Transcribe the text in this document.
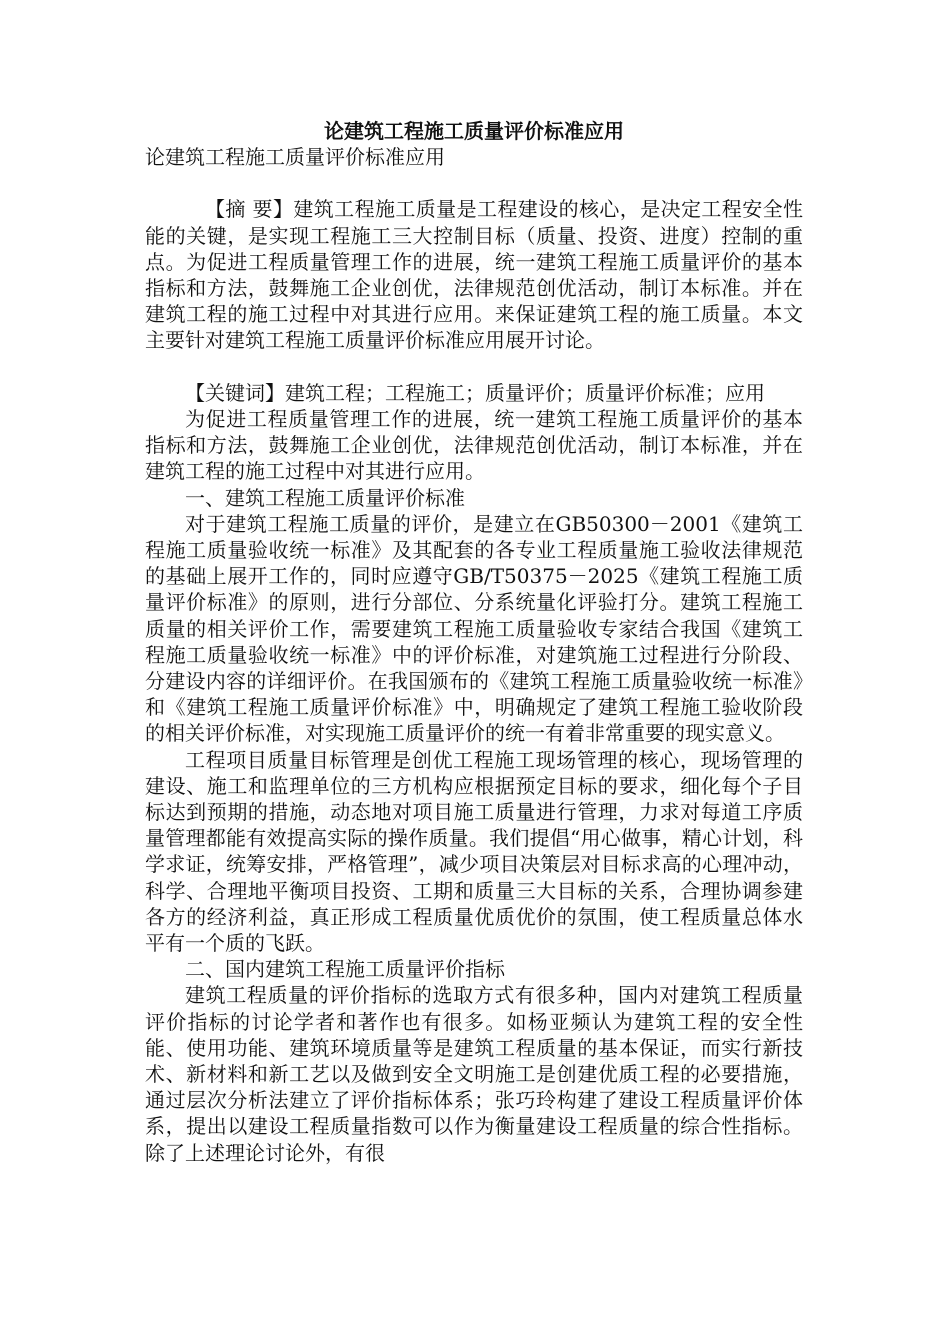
论建筑工程施工质量评价标准应用

论建筑工程施工质量评价标准应用

【摘 要】建筑工程施工质量是工程建设的核心，是决定工程安全性能的关键，是实现工程施工三大控制目标（质量、投资、进度）控制的重点。为促进工程质量管理工作的进展，统一建筑工程施工质量评价的基本指标和方法，鼓舞施工企业创优，法律规范创优活动，制订本标准。并在建筑工程的施工过程中对其进行应用。来保证建筑工程的施工质量。本文主要针对建筑工程施工质量评价标准应用展开讨论。

【关键词】建筑工程；工程施工；质量评价；质量评价标准；应用

为促进工程质量管理工作的进展，统一建筑工程施工质量评价的基本指标和方法，鼓舞施工企业创优，法律规范创优活动，制订本标准，并在建筑工程的施工过程中对其进行应用。

一、建筑工程施工质量评价标准

对于建筑工程施工质量的评价，是建立在GB50300－2001《建筑工程施工质量验收统一标准》及其配套的各专业工程质量施工验收法律规范的基础上展开工作的，同时应遵守GB/T50375－2025《建筑工程施工质量评价标准》的原则，进行分部位、分系统量化评验打分。建筑工程施工质量的相关评价工作，需要建筑工程施工质量验收专家结合我国《建筑工程施工质量验收统一标准》中的评价标准，对建筑施工过程进行分阶段、分建设内容的详细评价。在我国颁布的《建筑工程施工质量验收统一标准》和《建筑工程施工质量评价标准》中，明确规定了建筑工程施工验收阶段的相关评价标准，对实现施工质量评价的统一有着非常重要的现实意义。

工程项目质量目标管理是创优工程施工现场管理的核心，现场管理的建设、施工和监理单位的三方机构应根据预定目标的要求，细化每个子目标达到预期的措施，动态地对项目施工质量进行管理，力求对每道工序质量管理都能有效提高实际的操作质量。我们提倡“用心做事，精心计划，科学求证，统筹安排，严格管理”，减少项目决策层对目标求高的心理冲动，科学、合理地平衡项目投资、工期和质量三大目标的关系，合理协调参建各方的经济利益，真正形成工程质量优质优价的氛围，使工程质量总体水平有一个质的飞跃。

二、国内建筑工程施工质量评价指标

建筑工程质量的评价指标的选取方式有很多种，国内对建筑工程质量评价指标的讨论学者和著作也有很多。如杨亚频认为建筑工程的安全性能、使用功能、建筑环境质量等是建筑工程质量的基本保证，而实行新技术、新材料和新工艺以及做到安全文明施工是创建优质工程的必要措施，通过层次分析法建立了评价指标体系；张巧玲构建了建设工程质量评价体系，提出以建设工程质量指数可以作为衡量建设工程质量的综合性指标。除了上述理论讨论外，有很
